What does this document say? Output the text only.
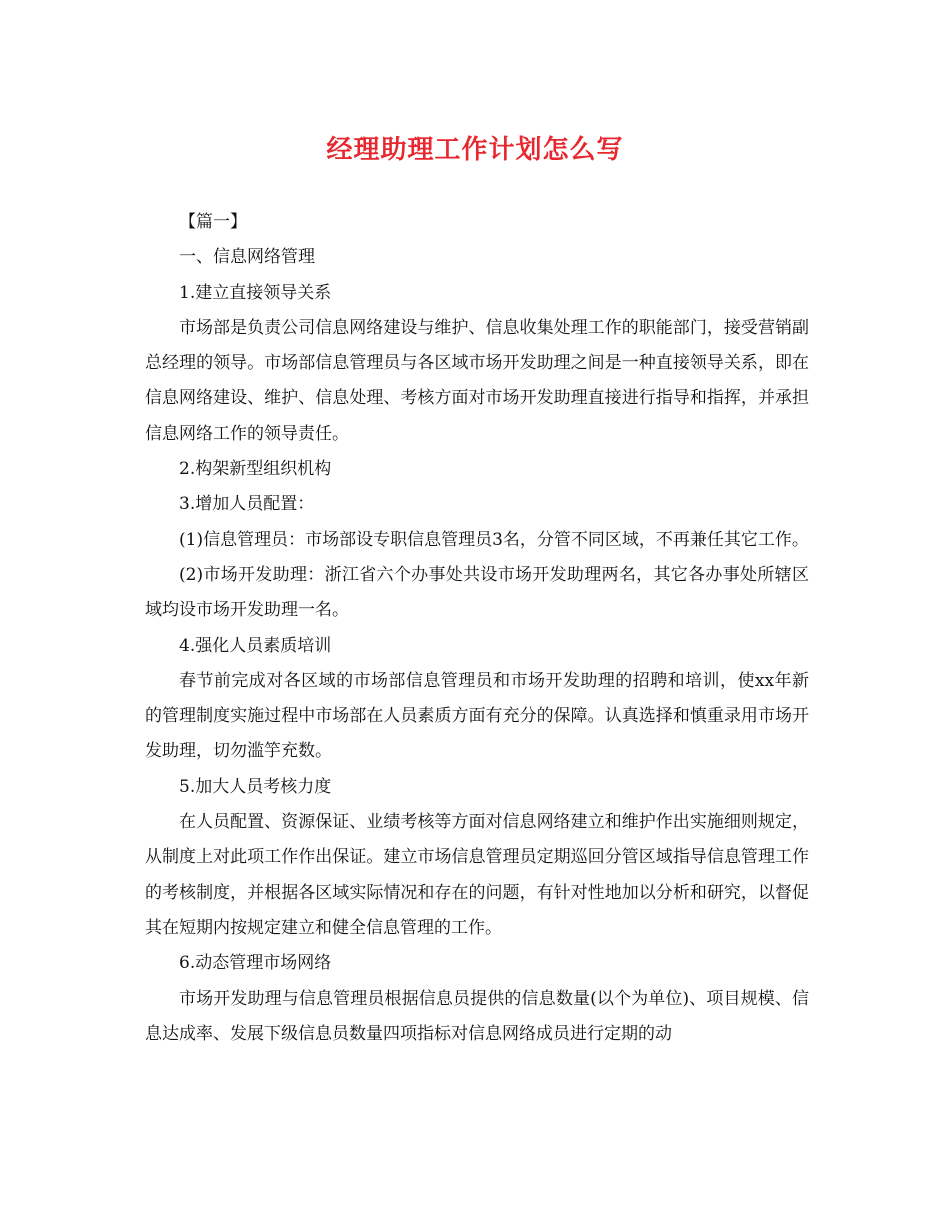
经理助理工作计划怎么写

【篇一】

一、信息网络管理

1.建立直接领导关系

市场部是负责公司信息网络建设与维护、信息收集处理工作的职能部门，接受营销副总经理的领导。市场部信息管理员与各区域市场开发助理之间是一种直接领导关系，即在信息网络建设、维护、信息处理、考核方面对市场开发助理直接进行指导和指挥，并承担信息网络工作的领导责任。

2.构架新型组织机构

3.增加人员配置：

(1)信息管理员：市场部设专职信息管理员3名，分管不同区域，不再兼任其它工作。

(2)市场开发助理：浙江省六个办事处共设市场开发助理两名，其它各办事处所辖区域均设市场开发助理一名。

4.强化人员素质培训

春节前完成对各区域的市场部信息管理员和市场开发助理的招聘和培训，使xx年新的管理制度实施过程中市场部在人员素质方面有充分的保障。认真选择和慎重录用市场开发助理，切勿滥竽充数。

5.加大人员考核力度

在人员配置、资源保证、业绩考核等方面对信息网络建立和维护作出实施细则规定，从制度上对此项工作作出保证。建立市场信息管理员定期巡回分管区域指导信息管理工作的考核制度，并根据各区域实际情况和存在的问题，有针对性地加以分析和研究，以督促其在短期内按规定建立和健全信息管理的工作。

6.动态管理市场网络

市场开发助理与信息管理员根据信息员提供的信息数量(以个为单位)、项目规模、信息达成率、发展下级信息员数量四项指标对信息网络成员进行定期的动
